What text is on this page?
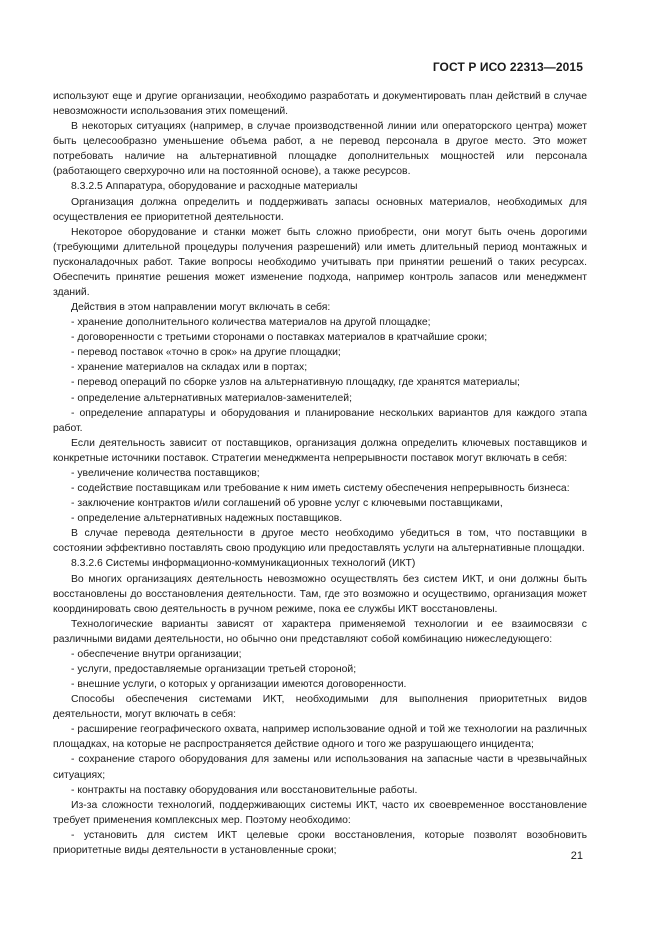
ГОСТ Р ИСО 22313—2015

используют еще и другие организации, необходимо разработать и документировать план действий в случае невозможности использования этих помещений.

В некоторых ситуациях (например, в случае производственной линии или операторского центра) может быть целесообразно уменьшение объема работ, а не перевод персонала в другое место. Это может потребовать наличие на альтернативной площадке дополнительных мощностей или персонала (работающего сверхурочно или на постоянной основе), а также ресурсов.

8.3.2.5 Аппаратура, оборудование и расходные материалы

Организация должна определить и поддерживать запасы основных материалов, необходимых для осуществления ее приоритетной деятельности.

Некоторое оборудование и станки может быть сложно приобрести, они могут быть очень дорогими (требующими длительной процедуры получения разрешений) или иметь длительный период монтажных и пусконаладочных работ. Такие вопросы необходимо учитывать при принятии решений о таких ресурсах. Обеспечить принятие решения может изменение подхода, например контроль запасов или менеджмент зданий.

Действия в этом направлении могут включать в себя:

- хранение дополнительного количества материалов на другой площадке;

- договоренности с третьими сторонами о поставках материалов в кратчайшие сроки;

- перевод поставок «точно в срок» на другие площадки;

- хранение материалов на складах или в портах;

- перевод операций по сборке узлов на альтернативную площадку, где хранятся материалы;

- определение альтернативных материалов-заменителей;

- определение аппаратуры и оборудования и планирование нескольких вариантов для каждого этапа работ.

Если деятельность зависит от поставщиков, организация должна определить ключевых поставщиков и конкретные источники поставок. Стратегии менеджмента непрерывности поставок могут включать в себя:

- увеличение количества поставщиков;

- содействие поставщикам или требование к ним иметь систему обеспечения непрерывность бизнеса:

- заключение контрактов и/или соглашений об уровне услуг с ключевыми поставщиками,

- определение альтернативных надежных поставщиков.

В случае перевода деятельности в другое место необходимо убедиться в том, что поставщики в состоянии эффективно поставлять свою продукцию или предоставлять услуги на альтернативные площадки.

8.3.2.6 Системы информационно-коммуникационных технологий (ИКТ)

Во многих организациях деятельность невозможно осуществлять без систем ИКТ, и они должны быть восстановлены до восстановления деятельности. Там, где это возможно и осуществимо, организация может координировать свою деятельность в ручном режиме, пока ее службы ИКТ восстановлены.

Технологические варианты зависят от характера применяемой технологии и ее взаимосвязи с различными видами деятельности, но обычно они представляют собой комбинацию нижеследующего:

- обеспечение внутри организации;

- услуги, предоставляемые организации третьей стороной;

- внешние услуги, о которых у организации имеются договоренности.

Способы обеспечения системами ИКТ, необходимыми для выполнения приоритетных видов деятельности, могут включать в себя:

- расширение географического охвата, например использование одной и той же технологии на различных площадках, на которые не распространяется действие одного и того же разрушающего инцидента;

- сохранение старого оборудования для замены или использования на запасные части в чрезвычайных ситуациях;

- контракты на поставку оборудования или восстановительные работы.

Из-за сложности технологий, поддерживающих системы ИКТ, часто их своевременное восстановление требует применения комплексных мер. Поэтому необходимо:

- установить для систем ИКТ целевые сроки восстановления, которые позволят возобновить приоритетные виды деятельности в установленные сроки;	21
